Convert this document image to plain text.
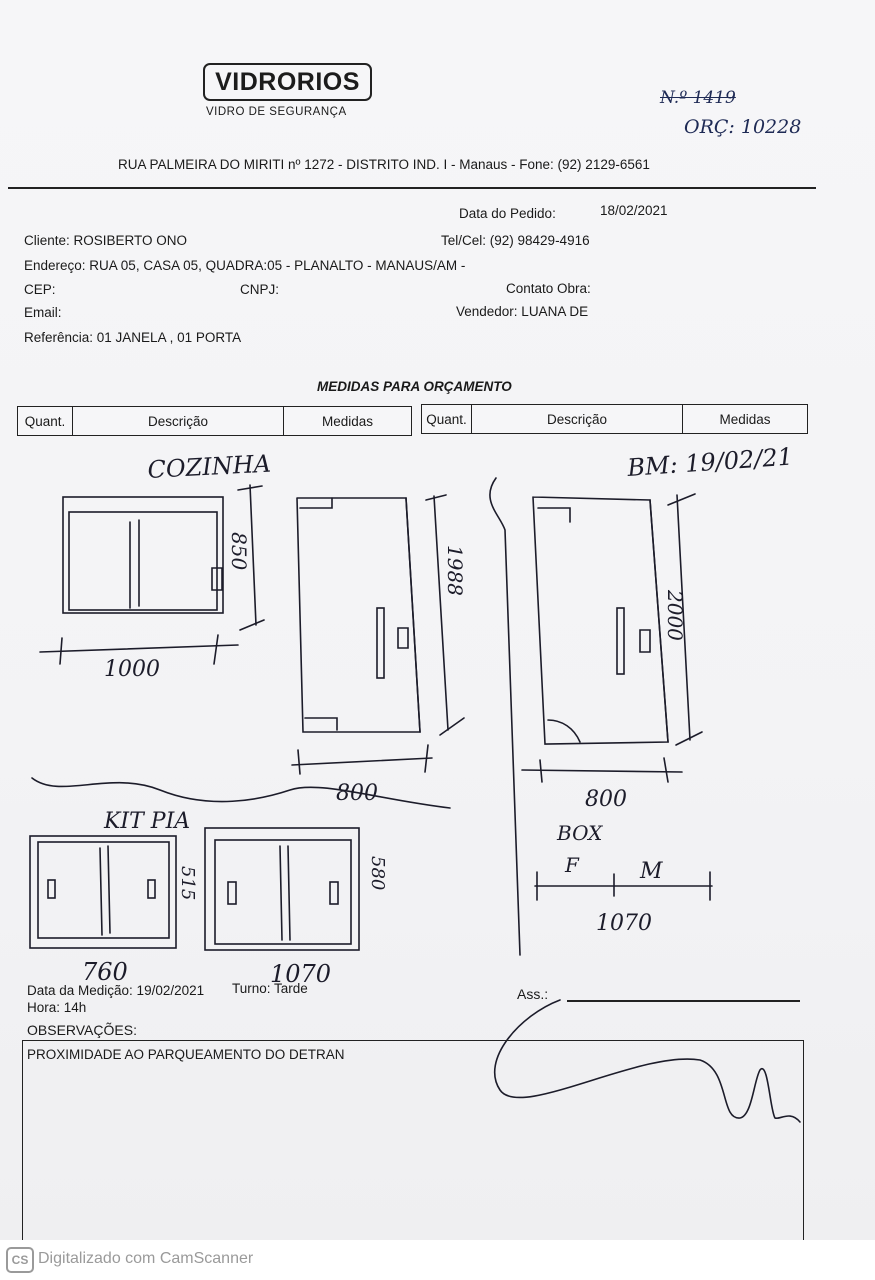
VIDRORIOS
VIDRO DE SEGURANÇA
N.º 1419
ORÇ: 10228
RUA PALMEIRA DO MIRITI nº 1272 - DISTRITO IND. I - Manaus - Fone: (92) 2129-6561
Data do Pedido:	18/02/2021
Cliente: ROSIBERTO ONO	Tel/Cel: (92) 98429-4916
Endereço: RUA 05, CASA 05, QUADRA:05 - PLANALTO - MANAUS/AM -
CEP:	CNPJ:	Contato Obra:
Email:	Vendedor: LUANA DE
Referência: 01 JANELA , 01 PORTA
MEDIDAS PARA ORÇAMENTO
Quant.	Descrição	Medidas	Quant.	Descrição	Medidas
COZINHA	BM: 19/02/21
1000
850
800
1988
800
2000
KIT PIA
760
515
1070
580
BOX
F	M
1070
Data da Medição: 19/02/2021 Turno: Tarde
Hora: 14h
Ass.:
OBSERVAÇÕES:
PROXIMIDADE AO PARQUEAMENTO DO DETRAN
CS Digitalizado com CamScanner
